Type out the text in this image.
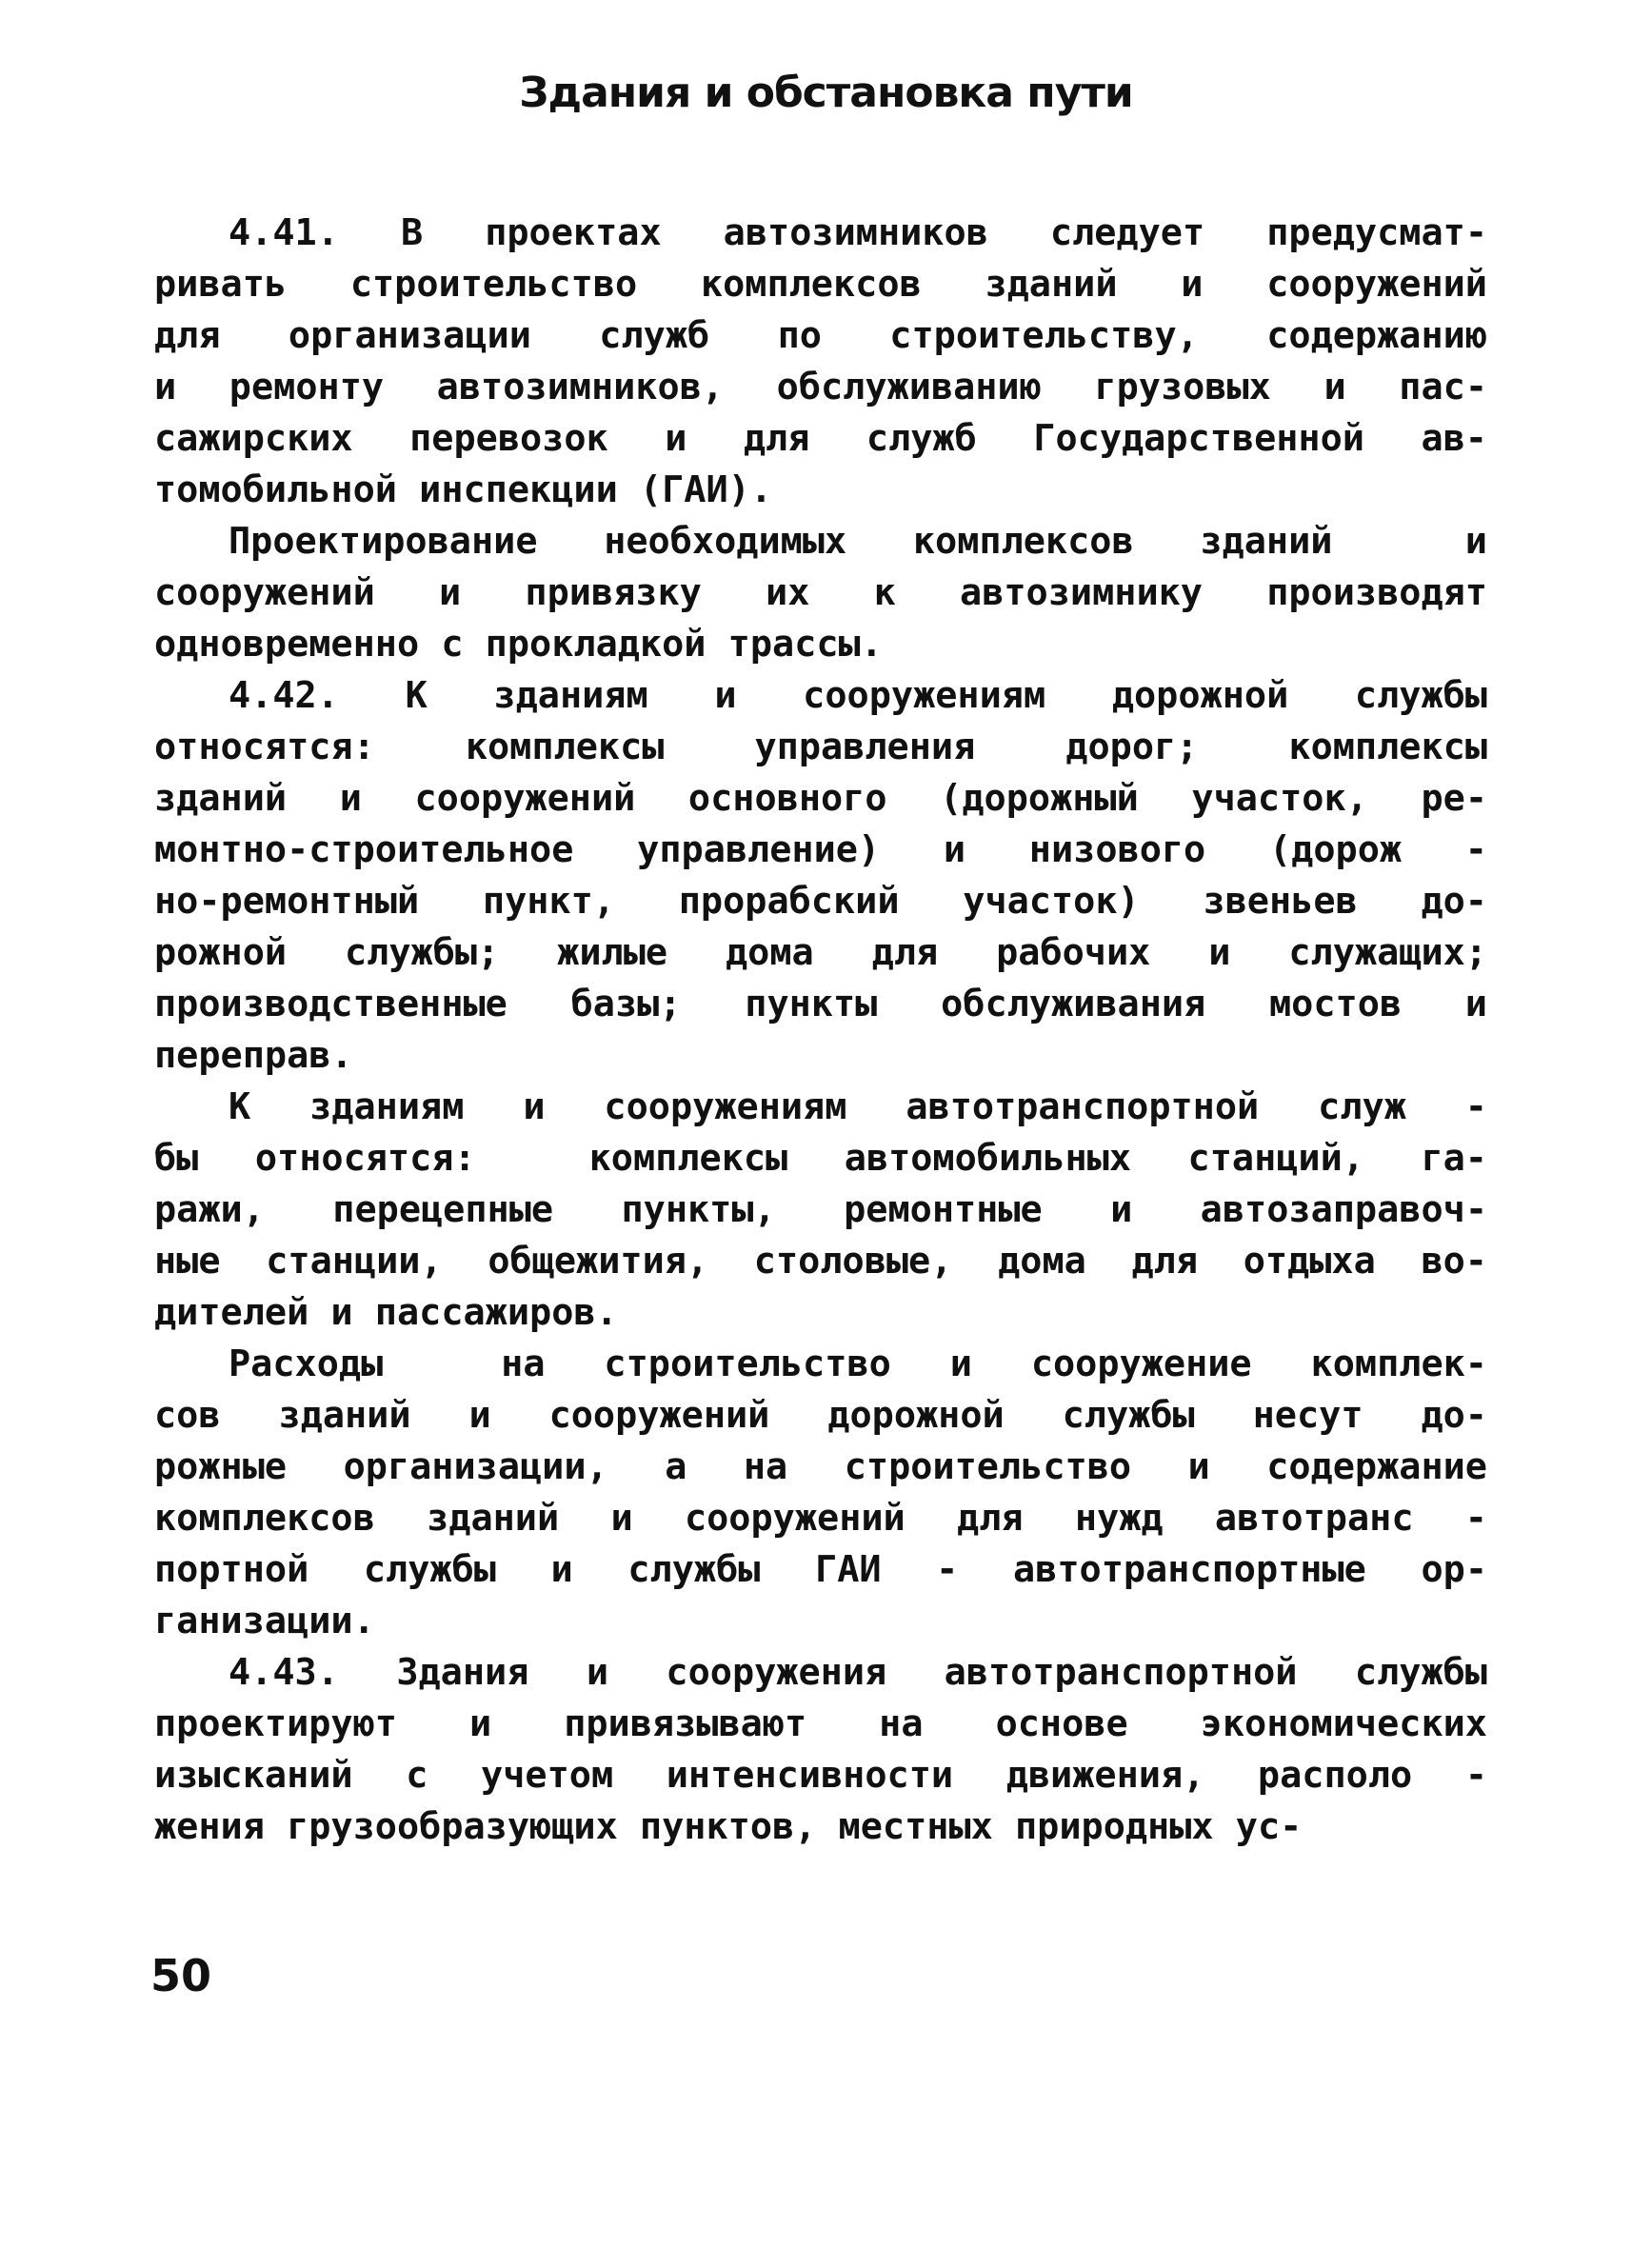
Здания и обстановка пути
4.41. В проектах автозимников следует предусмат-
ривать строительство комплексов зданий и сооружений
для организации служб по строительству, содержанию
и ремонту автозимников, обслуживанию грузовых и пас-
сажирских перевозок и для служб Государственной ав-
томобильной инспекции (ГАИ).
Проектирование необходимых комплексов зданий  и
сооружений и привязку их к автозимнику производят
одновременно с прокладкой трассы.
4.42. К зданиям и сооружениям дорожной службы
относятся: комплексы управления дорог; комплексы
зданий и сооружений основного (дорожный участок, ре-
монтно-строительное управление) и низового (дорож -
но-ремонтный пункт, прорабский участок) звеньев до-
рожной службы; жилые дома для рабочих и служащих;
производственные базы; пункты обслуживания мостов и
переправ.
К зданиям и сооружениям автотранспортной служ -
бы относятся:  комплексы автомобильных станций, га-
ражи, перецепные пункты, ремонтные и автозаправоч-
ные станции, общежития, столовые, дома для отдыха во-
дителей и пассажиров.
Расходы  на строительство и сооружение комплек-
сов зданий и сооружений дорожной службы несут до-
рожные организации, а на строительство и содержание
комплексов зданий и сооружений для нужд автотранс -
портной службы и службы ГАИ - автотранспортные ор-
ганизации.
4.43. Здания и сооружения автотранспортной службы
проектируют и привязывают на основе экономических
изысканий с учетом интенсивности движения, располо -
жения грузообразующих пунктов, местных природных ус-
50
